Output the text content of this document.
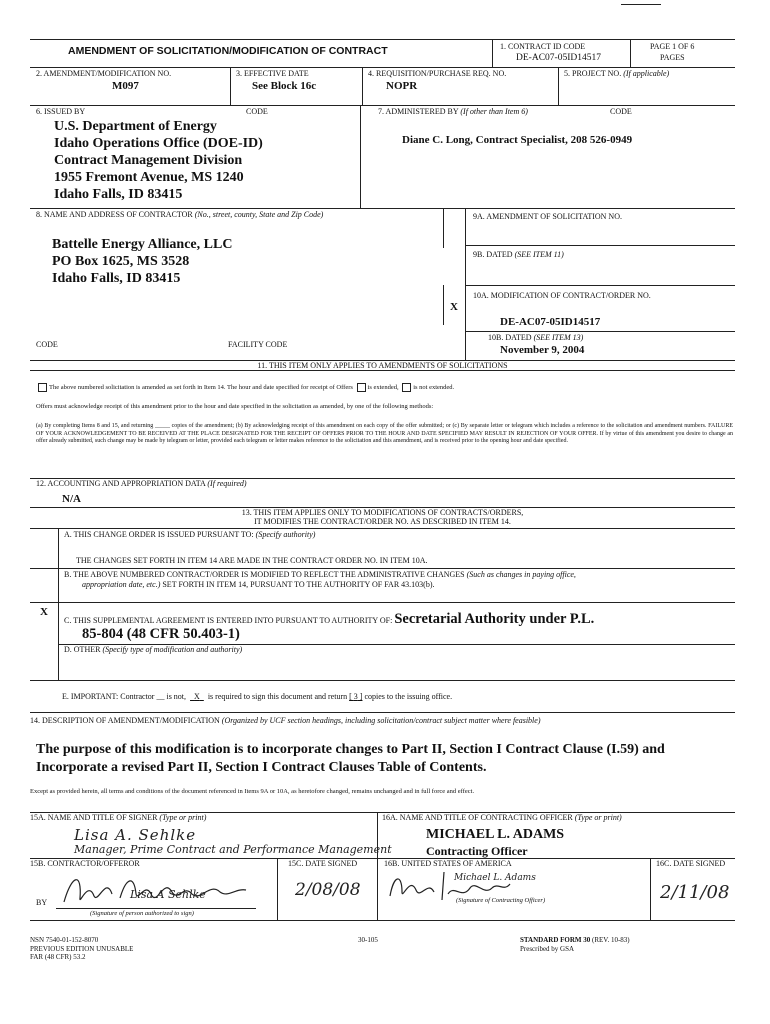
AMENDMENT OF SOLICITATION/MODIFICATION OF CONTRACT	1. CONTRACT ID CODE
DE-AC07-05ID14517
PAGE 1 OF 6
PAGES
2. AMENDMENT/MODIFICATION NO.
M097
3. EFFECTIVE DATE
See Block 16c
4. REQUISITION/PURCHASE REQ. NO.
NOPR
5. PROJECT NO. (If applicable)
6. ISSUED BY	CODE
U.S. Department of Energy
Idaho Operations Office (DOE-ID)
Contract Management Division
1955 Fremont Avenue, MS 1240
Idaho Falls, ID 83415
7. ADMINISTERED BY (If other than Item 6)	CODE
Diane C. Long, Contract Specialist, 208 526-0949
8. NAME AND ADDRESS OF CONTRACTOR (No., street, county, State and Zip Code)
Battelle Energy Alliance, LLC
PO Box 1625, MS 3528
Idaho Falls, ID 83415
9A. AMENDMENT OF SOLICITATION NO.
9B. DATED (SEE ITEM 11)
X
10A. MODIFICATION OF CONTRACT/ORDER NO.
DE-AC07-05ID14517
10B. DATED (SEE ITEM 13)
November 9, 2004
CODE	FACILITY CODE
11. THIS ITEM ONLY APPLIES TO AMENDMENTS OF SOLICITATIONS
The above numbered solicitation is amended as set forth in Item 14. The hour and date specified for receipt of Offers is extended, is not extended.
Offers must acknowledge receipt of this amendment prior to the hour and date specified in the solicitation as amended, by one of the following methods:
(a) By completing Items 8 and 15, and returning _____ copies of the amendment; (b) By acknowledging receipt of this amendment on each copy of the offer submitted; or (c) By separate letter or telegram which includes a reference to the solicitation and amendment numbers. FAILURE OF YOUR ACKNOWLEDGEMENT TO BE RECEIVED AT THE PLACE DESIGNATED FOR THE RECEIPT OF OFFERS PRIOR TO THE HOUR AND DATE SPECIFIED MAY RESULT IN REJECTION OF YOUR OFFER. If by virtue of this amendment you desire to change an offer already submitted, such change may be made by telegram or letter, provided each telegram or letter makes reference to the solicitation and this amendment, and is received prior to the opening hour and date specified.
12. ACCOUNTING AND APPROPRIATION DATA (If required)
N/A
13. THIS ITEM APPLIES ONLY TO MODIFICATIONS OF CONTRACTS/ORDERS,
IT MODIFIES THE CONTRACT/ORDER NO. AS DESCRIBED IN ITEM 14.
A. THIS CHANGE ORDER IS ISSUED PURSUANT TO: (Specify authority)
THE CHANGES SET FORTH IN ITEM 14 ARE MADE IN THE CONTRACT ORDER NO. IN ITEM 10A.
B. THE ABOVE NUMBERED CONTRACT/ORDER IS MODIFIED TO REFLECT THE ADMINISTRATIVE CHANGES (Such as changes in paying office,
appropriation date, etc.) SET FORTH IN ITEM 14, PURSUANT TO THE AUTHORITY OF FAR 43.103(b).
X
C. THIS SUPPLEMENTAL AGREEMENT IS ENTERED INTO PURSUANT TO AUTHORITY OF: Secretarial Authority under P.L.
85-804 (48 CFR 50.403-1)
D. OTHER (Specify type of modification and authority)
E. IMPORTANT: Contractor __ is not, X is required to sign this document and return [ 3 ] copies to the issuing office.
14. DESCRIPTION OF AMENDMENT/MODIFICATION (Organized by UCF section headings, including solicitation/contract subject matter where feasible)
The purpose of this modification is to incorporate changes to Part II, Section I Contract Clause (I.59) and
Incorporate a revised Part II, Section I Contract Clauses Table of Contents.
Except as provided herein, all terms and conditions of the document referenced in Items 9A or 10A, as heretofore changed, remains unchanged and in full force and effect.
15A. NAME AND TITLE OF SIGNER (Type or print)	16A. NAME AND TITLE OF CONTRACTING OFFICER (Type or print)
Lisa A. Sehlke
Manager, Prime Contract and Performance Management
MICHAEL L. ADAMS
Contracting Officer
15B. CONTRACTOR/OFFEROR	15C. DATE SIGNED	16B. UNITED STATES OF AMERICA	16C. DATE SIGNED
BY
Lisa A Sehlke
(Signature of person authorized to sign)
2/08/08
Michael L. Adams
(Signature of Contracting Officer)	2/11/08
NSN 7540-01-152-8070
PREVIOUS EDITION UNUSABLE
FAR (48 CFR) 53.2
30-105	STANDARD FORM 30 (REV. 10-83)
Prescribed by GSA
